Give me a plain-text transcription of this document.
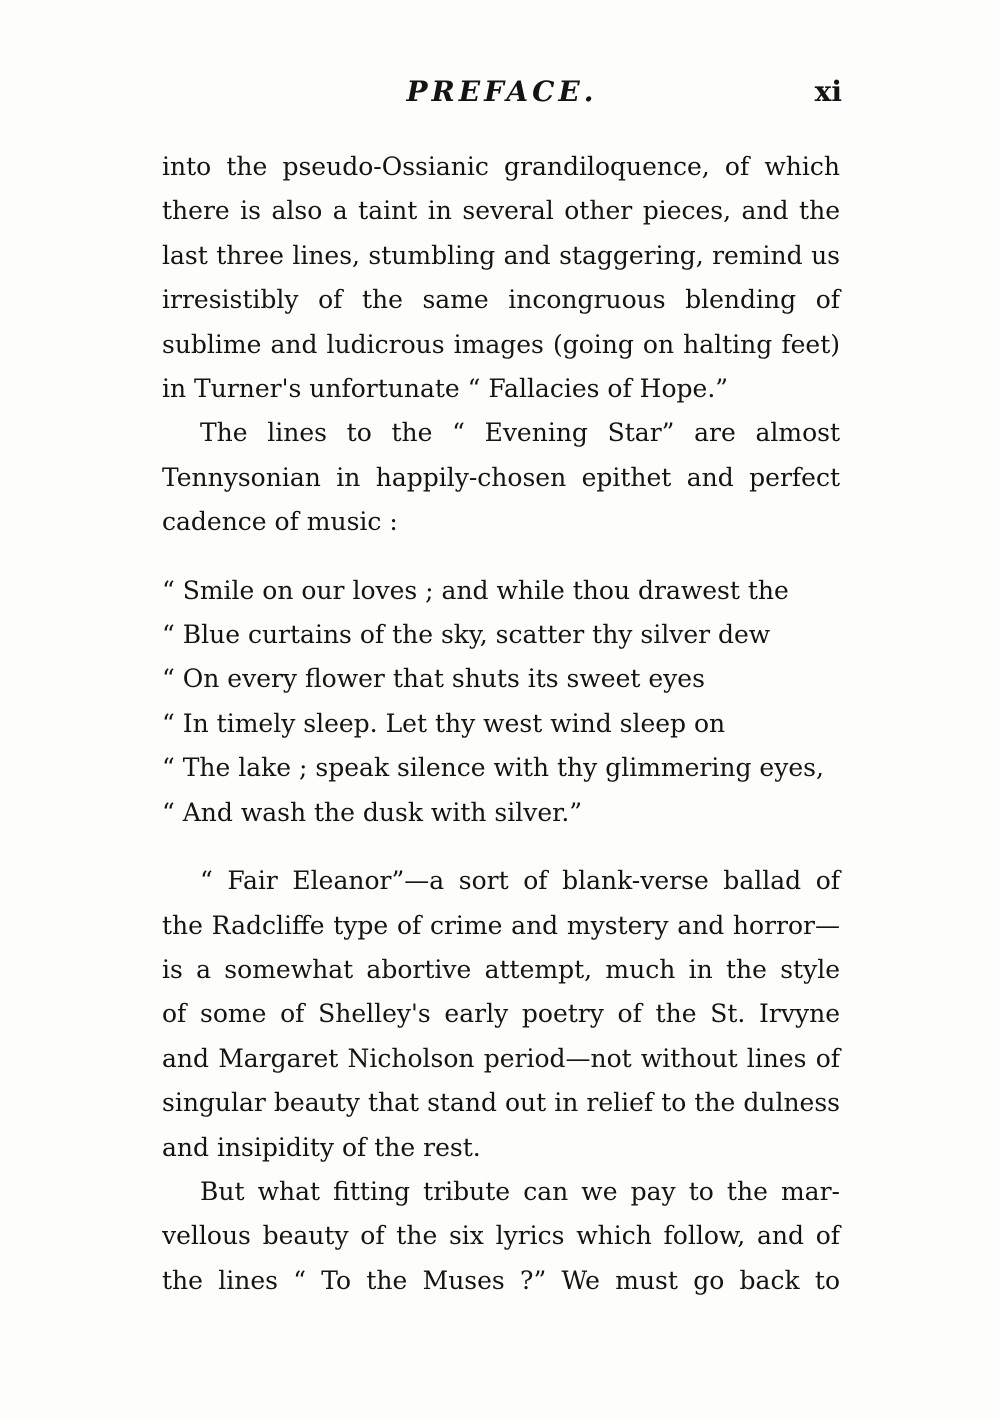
PREFACE.	xi
into the pseudo-Ossianic grandiloquence, of which
there is also a taint in several other pieces, and the
last three lines, stumbling and staggering, remind us
irresistibly of the same incongruous blending of
sublime and ludicrous images (going on halting feet)
in Turner's unfortunate “ Fallacies of Hope.”
The lines to the “ Evening Star” are almost
Tennysonian in happily-chosen epithet and perfect
cadence of music :
“ Smile on our loves ; and while thou drawest the
“ Blue curtains of the sky, scatter thy silver dew
“ On every flower that shuts its sweet eyes
“ In timely sleep. Let thy west wind sleep on
“ The lake ; speak silence with thy glimmering eyes,
“ And wash the dusk with silver.”
“ Fair Eleanor”—a sort of blank-verse ballad of
the Radcliffe type of crime and mystery and horror—
is a somewhat abortive attempt, much in the style
of some of Shelley's early poetry of the St. Irvyne
and Margaret Nicholson period—not without lines of
singular beauty that stand out in relief to the dulness
and insipidity of the rest.
But what fitting tribute can we pay to the mar-
vellous beauty of the six lyrics which follow, and of
the lines “ To the Muses ?” We must go back to
